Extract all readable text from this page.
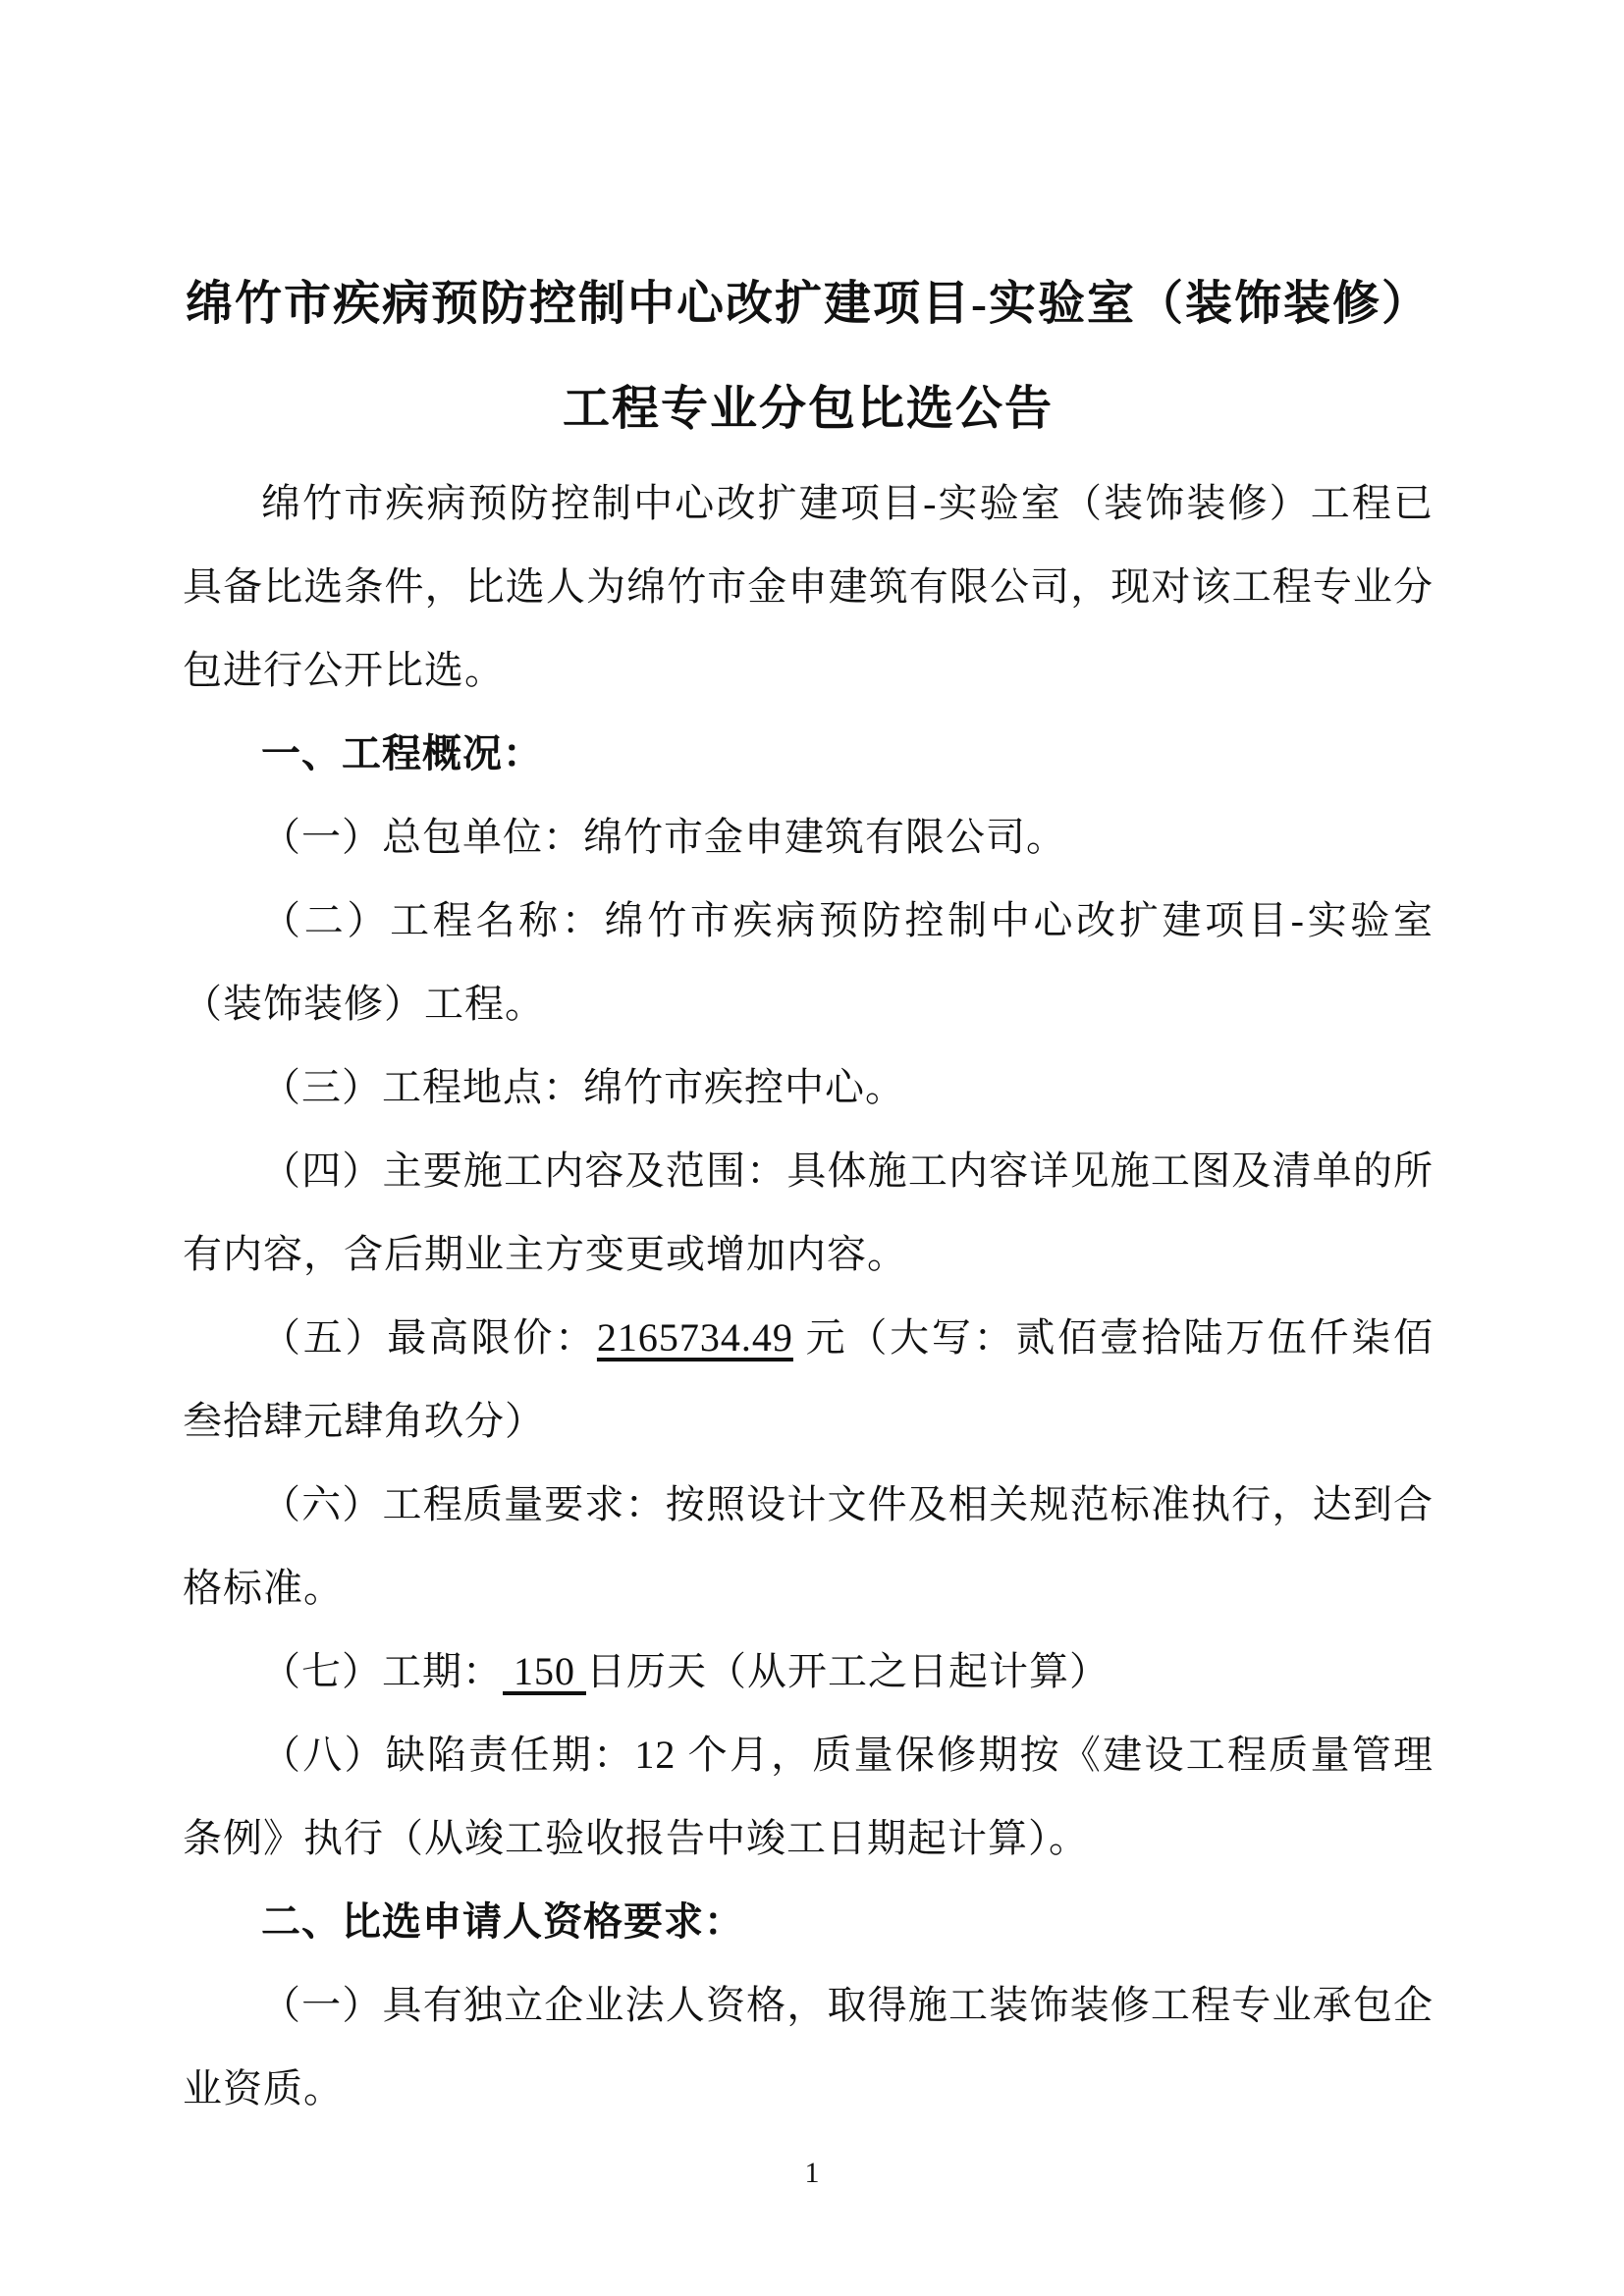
绵竹市疾病预防控制中心改扩建项目-实验室（装饰装修）
工程专业分包比选公告

绵竹市疾病预防控制中心改扩建项目-实验室（装饰装修）工程已具备比选条件，比选人为绵竹市金申建筑有限公司，现对该工程专业分包进行公开比选。

一、工程概况：

（一）总包单位：绵竹市金申建筑有限公司。

（二）工程名称：绵竹市疾病预防控制中心改扩建项目-实验室（装饰装修）工程。

（三）工程地点：绵竹市疾控中心。

（四）主要施工内容及范围：具体施工内容详见施工图及清单的所有内容，含后期业主方变更或增加内容。

（五）最高限价：2165734.49 元（大写：贰佰壹拾陆万伍仟柒佰叁拾肆元肆角玖分）

（六）工程质量要求：按照设计文件及相关规范标准执行，达到合格标准。

（七）工期： 150 日历天（从开工之日起计算）

（八）缺陷责任期：12 个月，质量保修期按《建设工程质量管理条例》执行（从竣工验收报告中竣工日期起计算）。

二、比选申请人资格要求：

（一）具有独立企业法人资格，取得施工装饰装修工程专业承包企业资质。

1
